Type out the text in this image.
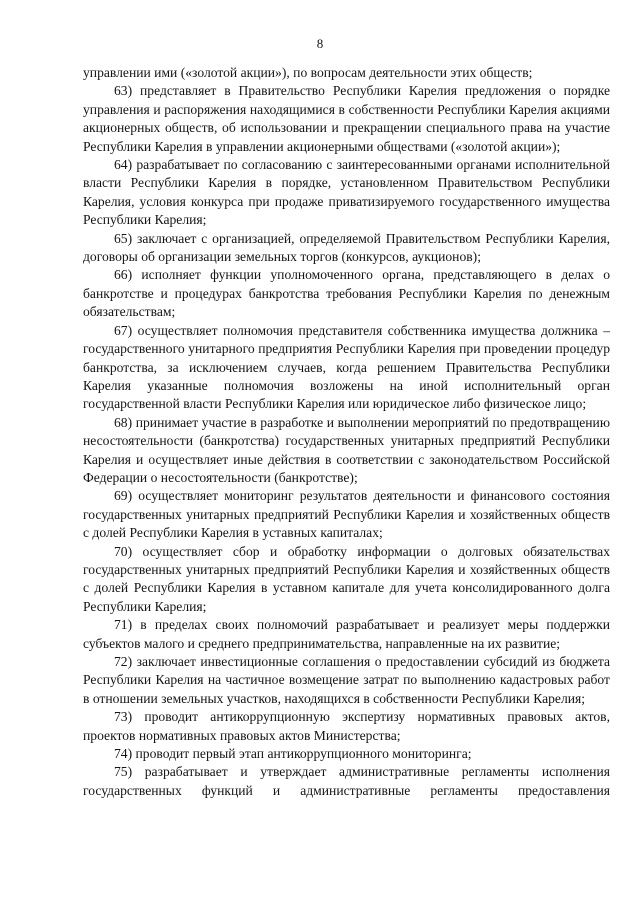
8

управлении ими («золотой акции»), по вопросам деятельности этих обществ;

63) представляет в Правительство Республики Карелия предложения о порядке управления и распоряжения находящимися в собственности Республики Карелия акциями акционерных обществ, об использовании и прекращении специального права на участие Республики Карелия в управлении акционерными обществами («золотой акции»);

64) разрабатывает по согласованию с заинтересованными органами исполнительной власти Республики Карелия в порядке, установленном Правительством Республики Карелия, условия конкурса при продаже приватизируемого государственного имущества Республики Карелия;

65) заключает с организацией, определяемой Правительством Республики Карелия, договоры об организации земельных торгов (конкурсов, аукционов);

66) исполняет функции уполномоченного органа, представляющего в делах о банкротстве и процедурах банкротства требования Республики Карелия по денежным обязательствам;

67) осуществляет полномочия представителя собственника имущества должника – государственного унитарного предприятия Республики Карелия при проведении процедур банкротства, за исключением случаев, когда решением Правительства Республики Карелия указанные полномочия возложены на иной исполнительный орган государственной власти Республики Карелия или юридическое либо физическое лицо;

68) принимает участие в разработке и выполнении мероприятий по предотвращению несостоятельности (банкротства) государственных унитарных предприятий Республики Карелия и осуществляет иные действия в соответствии с законодательством Российской Федерации о несостоятельности (банкротстве);

69) осуществляет мониторинг результатов деятельности и финансового состояния государственных унитарных предприятий Республики Карелия и хозяйственных обществ с долей Республики Карелия в уставных капиталах;

70) осуществляет сбор и обработку информации о долговых обязательствах государственных унитарных предприятий Республики Карелия и хозяйственных обществ с долей Республики Карелия в уставном капитале для учета консолидированного долга Республики Карелия;

71) в пределах своих полномочий разрабатывает и реализует меры поддержки субъектов малого и среднего предпринимательства, направленные на их развитие;

72) заключает инвестиционные соглашения о предоставлении субсидий из бюджета Республики Карелия на частичное возмещение затрат по выполнению кадастровых работ в отношении земельных участков, находящихся в собственности Республики Карелия;

73) проводит антикоррупционную экспертизу нормативных правовых актов, проектов нормативных правовых актов Министерства;

74) проводит первый этап антикоррупционного мониторинга;

75) разрабатывает и утверждает административные регламенты исполнения государственных функций и административные регламенты предоставления
